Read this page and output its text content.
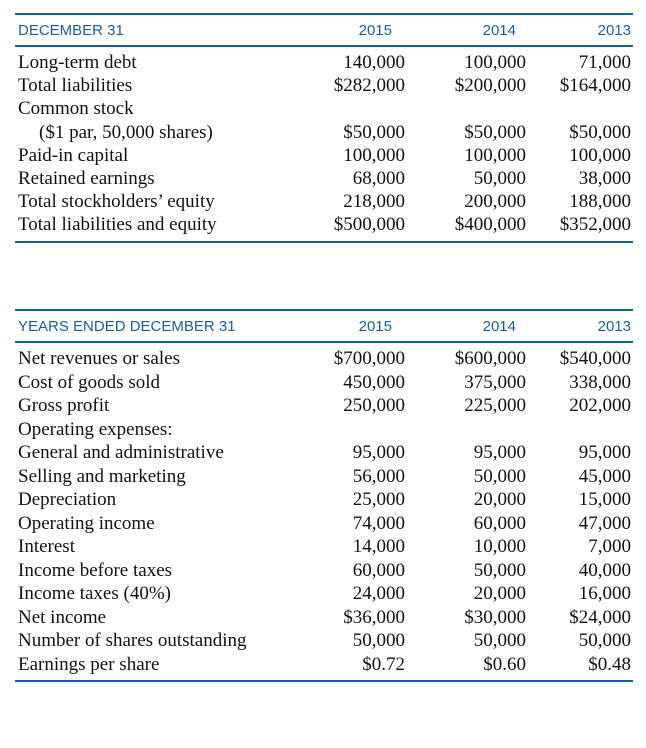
DECEMBER 31	2015	2014	2013
Long-term debt	140,000	100,000	71,000
Total liabilities	$282,000	$200,000 $164,000
Common stock
($1 par, 50,000 shares)	$50,000	$50,000 $50,000
Paid-in capital	100,000	100,000 100,000
Retained earnings	68,000	50,000	38,000
Total stockholders’ equity	218,000	200,000 188,000
Total liabilities and equity	$500,000	$400,000 $352,000
YEARS ENDED DECEMBER 31	2015	2014	2013
Net revenues or sales	$700,000	$600,000 $540,000
Cost of goods sold	450,000	375,000 338,000
Gross profit	250,000	225,000 202,000
Operating expenses:
General and administrative	95,000	95,000	95,000
Selling and marketing	56,000	50,000	45,000
Depreciation	25,000	20,000	15,000
Operating income	74,000	60,000	47,000
Interest	14,000	10,000	7,000
Income before taxes	60,000	50,000	40,000
Income taxes (40%)	24,000	20,000	16,000
Net income	$36,000	$30,000 $24,000
Number of shares outstanding	50,000	50,000	50,000
Earnings per share	$0.72	$0.60	$0.48
